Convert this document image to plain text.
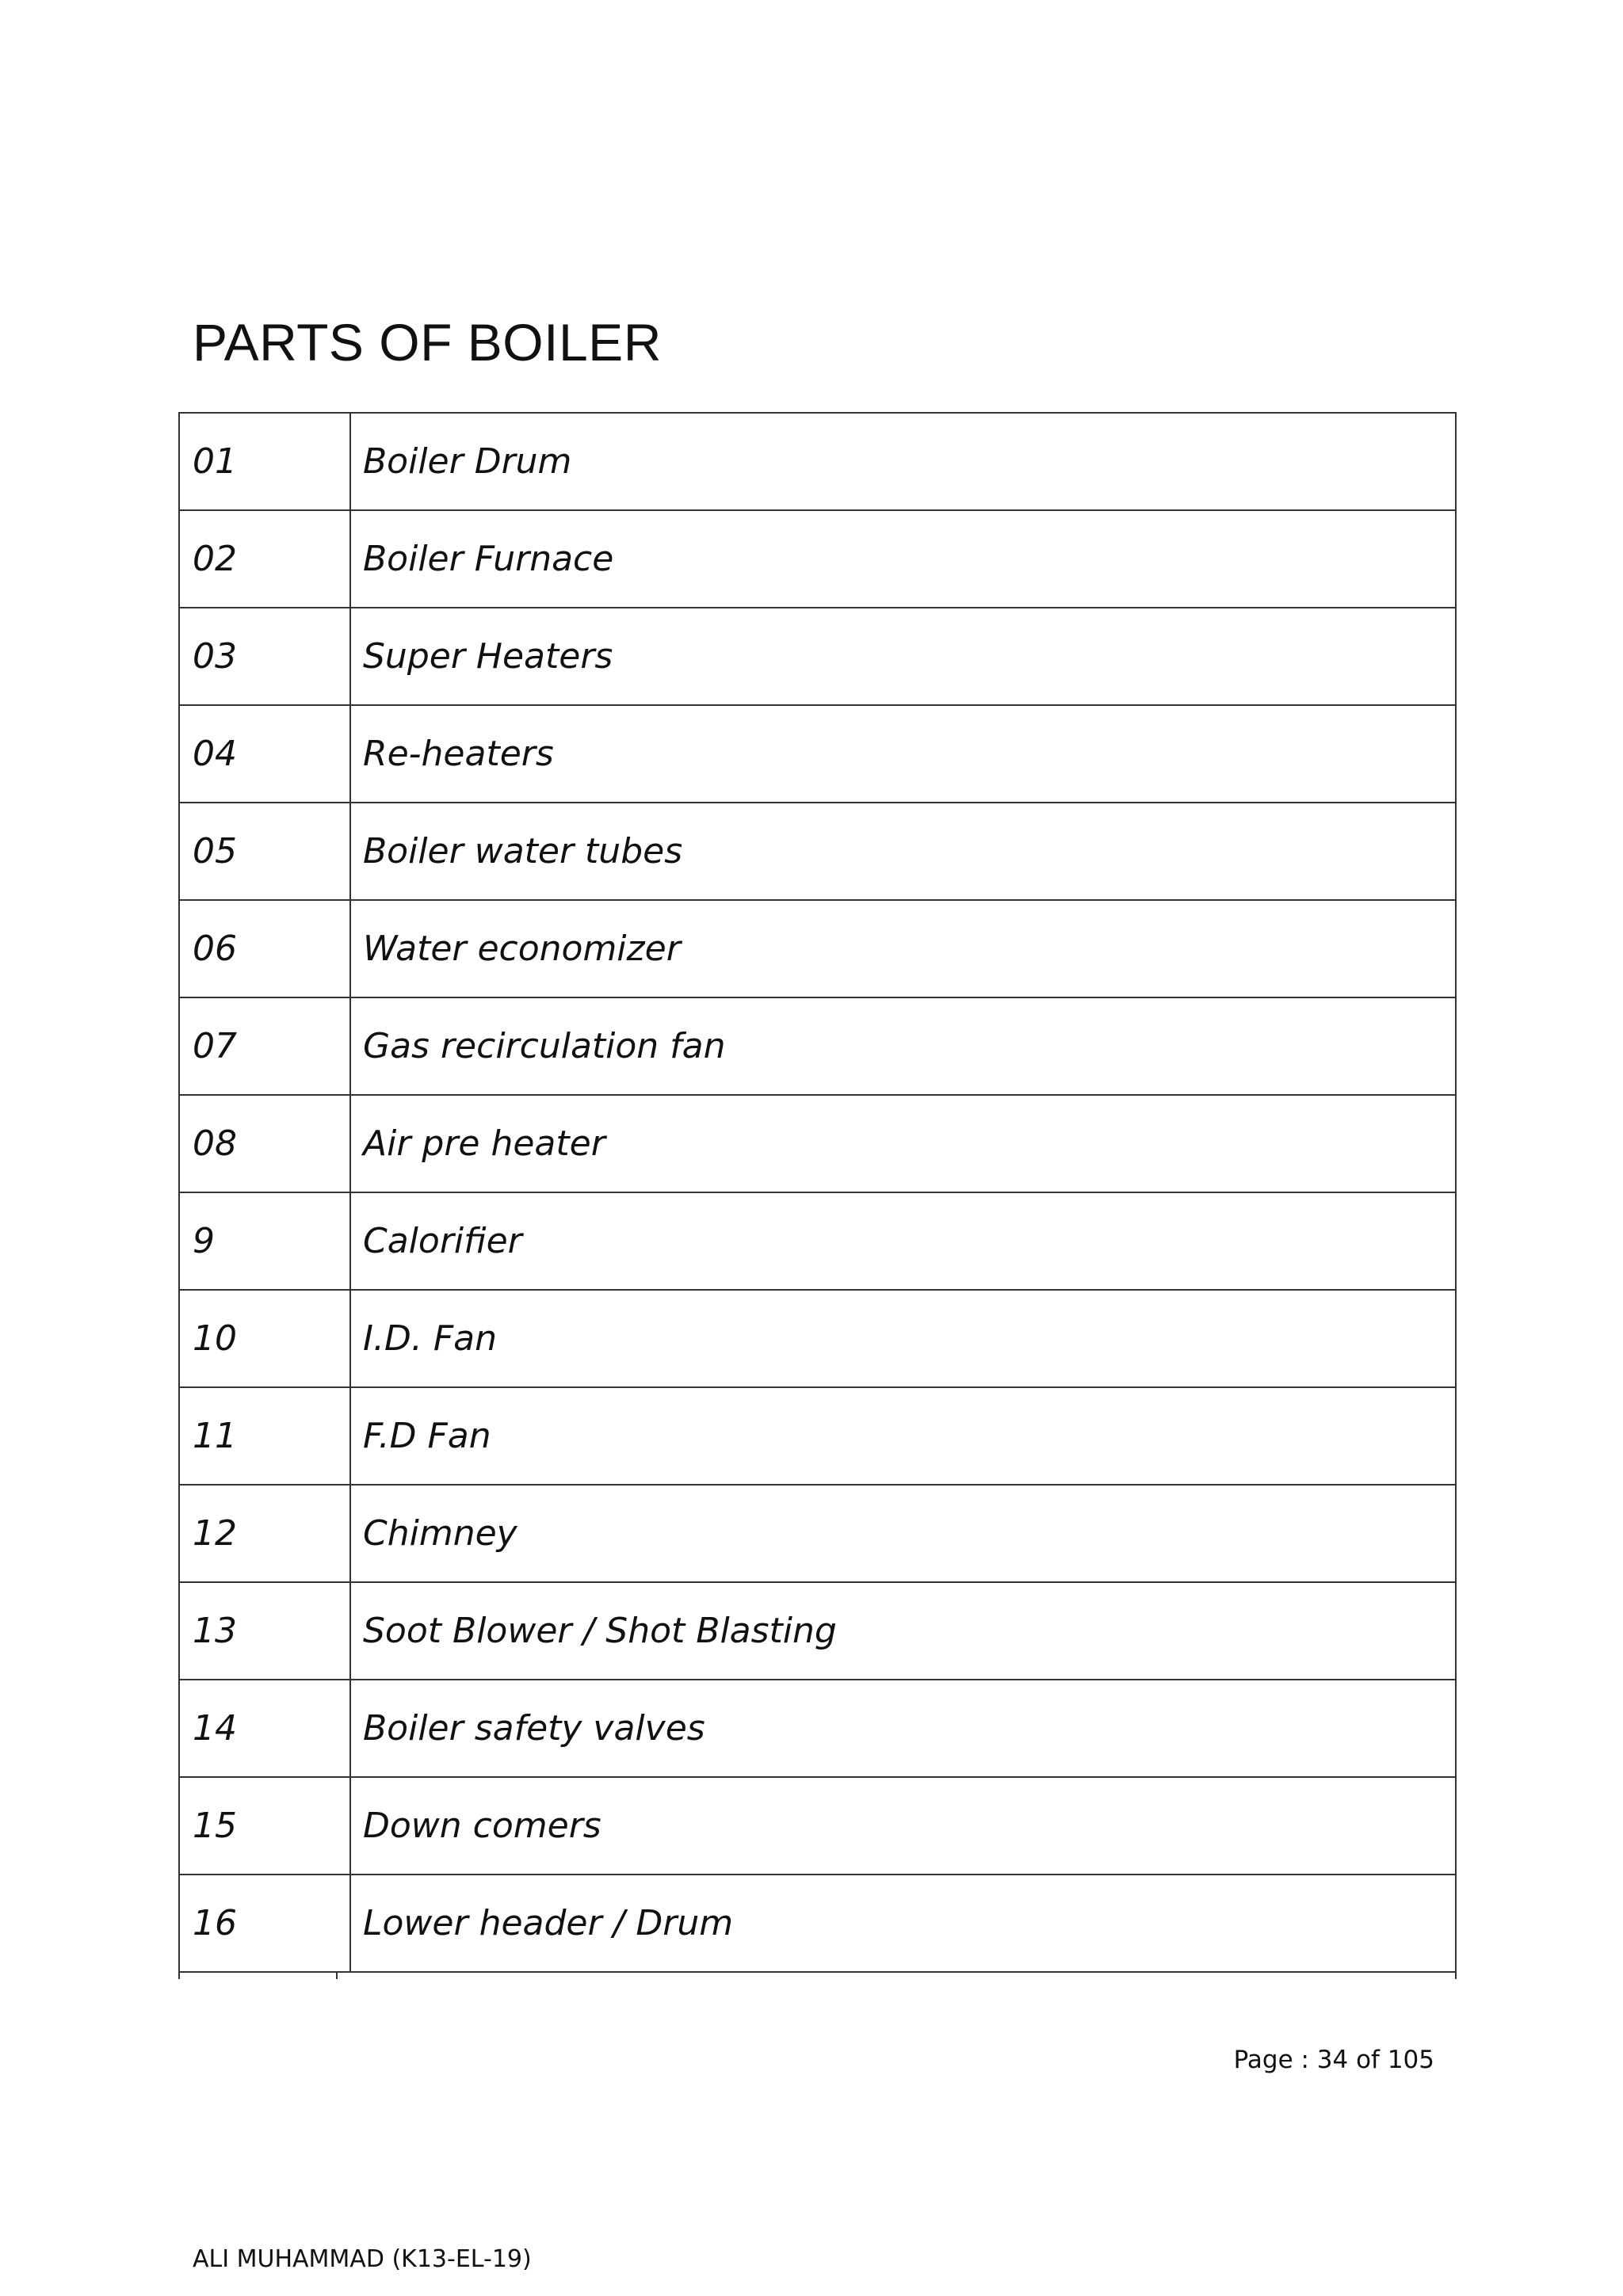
PARTS OF BOILER
01	Boiler Drum
02	Boiler Furnace
03	Super Heaters
04	Re-heaters
05	Boiler water tubes
06	Water economizer
07	Gas recirculation fan
08	Air pre heater
9	Calorifier
10	I.D. Fan
11	F.D Fan
12	Chimney
13	Soot Blower / Shot Blasting
14	Boiler safety valves
15	Down comers
16	Lower header / Drum
Page : 34 of 105
ALI MUHAMMAD (K13-EL-19)
